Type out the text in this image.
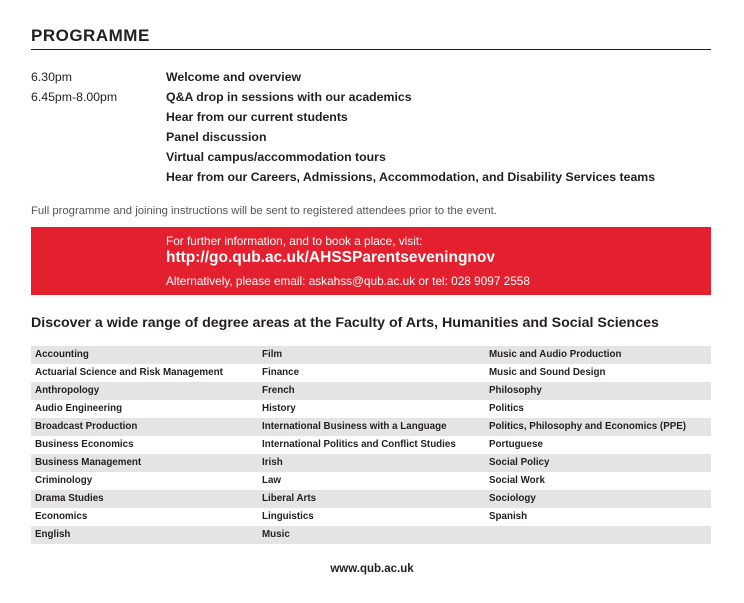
PROGRAMME
6.30pm	Welcome and overview
6.45pm-8.00pm	Q&A drop in sessions with our academics
Hear from our current students
Panel discussion
Virtual campus/accommodation tours
Hear from our Careers, Admissions, Accommodation, and Disability Services teams
Full programme and joining instructions will be sent to registered attendees prior to the event.
For further information, and to book a place, visit:
http://go.qub.ac.uk/AHSSParentseveningnov
Alternatively, please email: askahss@qub.ac.uk or tel: 028 9097 2558
Discover a wide range of degree areas at the Faculty of Arts, Humanities and Social Sciences
Accounting	Film	Music and Audio Production
Actuarial Science and Risk Management	Finance	Music and Sound Design
Anthropology	French	Philosophy
Audio Engineering	History	Politics
Broadcast Production	International Business with a Language	Politics, Philosophy and Economics (PPE)
Business Economics	International Politics and Conflict Studies	Portuguese
Business Management	Irish	Social Policy
Criminology	Law	Social Work
Drama Studies	Liberal Arts	Sociology
Economics	Linguistics	Spanish
English	Music
www.qub.ac.uk
